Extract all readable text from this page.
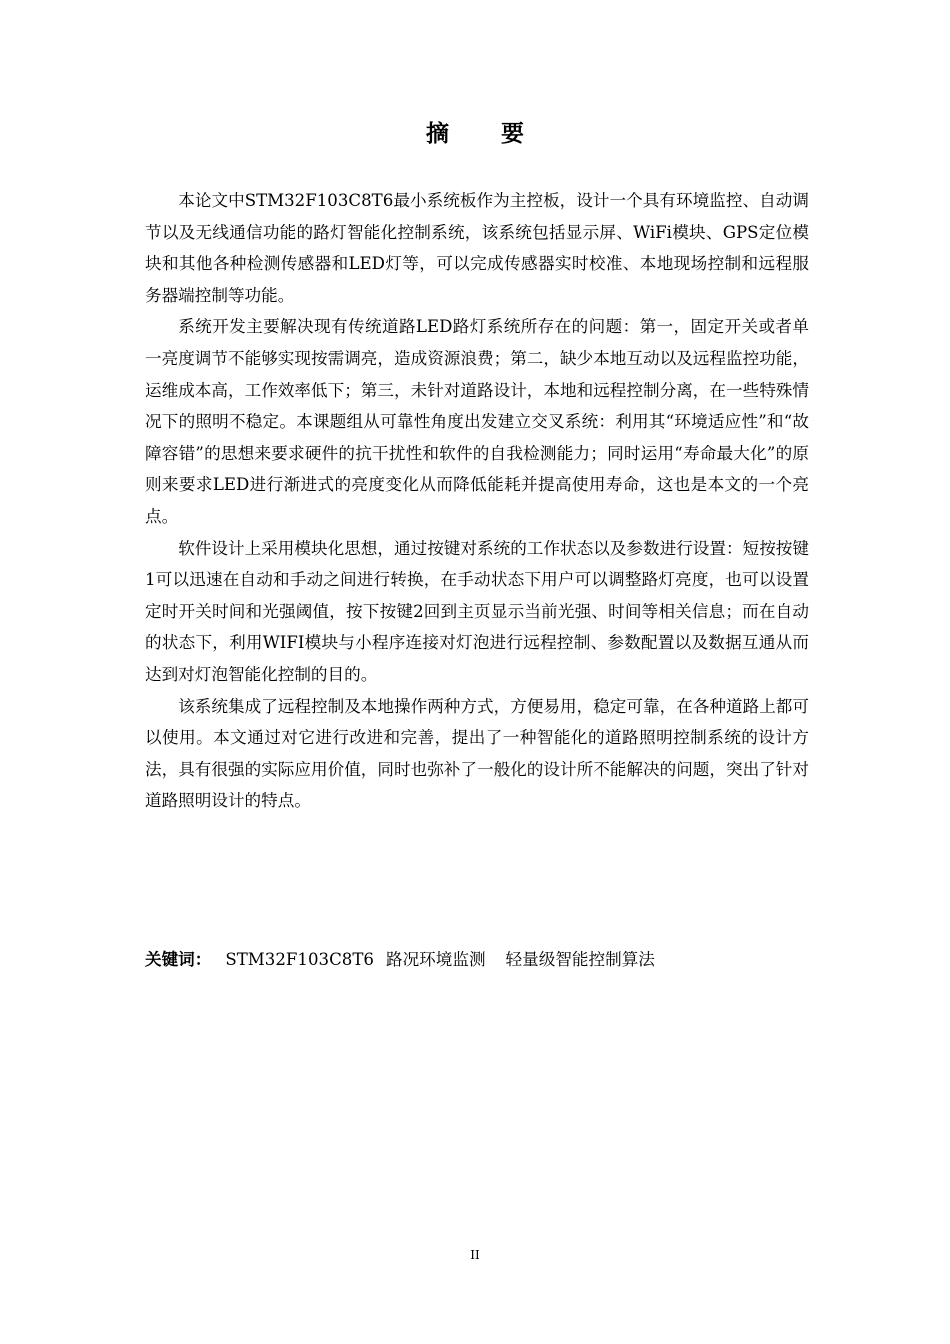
摘 要

本论文中STM32F103C8T6最小系统板作为主控板，设计一个具有环境监控、自动调节以及无线通信功能的路灯智能化控制系统，该系统包括显示屏、WiFi模块、GPS定位模块和其他各种检测传感器和LED灯等，可以完成传感器实时校准、本地现场控制和远程服务器端控制等功能。

系统开发主要解决现有传统道路LED路灯系统所存在的问题：第一，固定开关或者单一亮度调节不能够实现按需调亮，造成资源浪费；第二，缺少本地互动以及远程监控功能，运维成本高，工作效率低下；第三，未针对道路设计，本地和远程控制分离，在一些特殊情况下的照明不稳定。本课题组从可靠性角度出发建立交叉系统：利用其“环境适应性”和“故障容错”的思想来要求硬件的抗干扰性和软件的自我检测能力；同时运用“寿命最大化”的原则来要求LED进行渐进式的亮度变化从而降低能耗并提高使用寿命，这也是本文的一个亮点。

软件设计上采用模块化思想，通过按键对系统的工作状态以及参数进行设置：短按按键1可以迅速在自动和手动之间进行转换，在手动状态下用户可以调整路灯亮度，也可以设置定时开关时间和光强阈值，按下按键2回到主页显示当前光强、时间等相关信息；而在自动的状态下，利用WIFI模块与小程序连接对灯泡进行远程控制、参数配置以及数据互通从而达到对灯泡智能化控制的目的。

该系统集成了远程控制及本地操作两种方式，方便易用，稳定可靠，在各种道路上都可以使用。本文通过对它进行改进和完善，提出了一种智能化的道路照明控制系统的设计方法，具有很强的实际应用价值，同时也弥补了一般化的设计所不能解决的问题，突出了针对道路照明设计的特点。

关键词： STM32F103C8T6 路况环境监测 轻量级智能控制算法
II
